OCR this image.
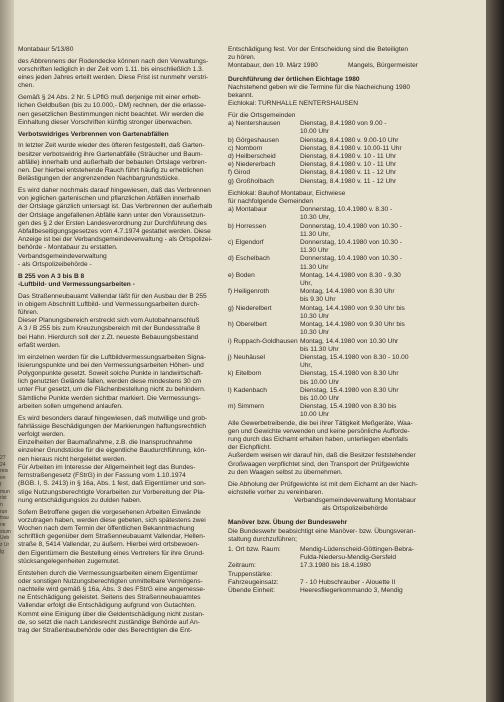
27
24
reis
en
f
mun
rist
n
run
trau
ne
stum
Ueb
z Ur
lg

Montabaur 5/13/80

des Abbrennens der Rodendecke können nach den Verwaltungs-
vorschriften lediglich in der Zeit vom 1.11. bis einschließlich 1.3.
eines jeden Jahres erteilt werden. Diese Frist ist nunmehr verstri-
chen.

Gemäß § 24 Abs. 2 Nr. 5 LPflG muß derjenige mit einer erheb-
lichen Geldbußen (bis zu 10.000,- DM) rechnen, der die erlasse-
nen gesetzlichen Bestimmungen nicht beachtet. Wir werden die
Einhaltung dieser Vorschriften künftig stronger überwachen.

Verbotswidriges Verbrennen von Gartenabfällen

In letzter Zeit wurde wieder des öfteren festgestellt, daß Garten-
besitzer verbotswidrig ihre Gartenabfälle (Sträucher und Baum-
abfälle) innerhalb und außerhalb der bebauten Ortslage verbren-
nen. Der hierbei entstehende Rauch führt häufig zu erheblichen
Belästigungen der angrenzenden Nachbargrundstücke.

Es wird daher nochmals darauf hingewiesen, daß das Verbrennen
von jeglichen gartenischen und pflanzlichen Abfällen innerhalb
der Ortslage gänzlich untersagt ist. Das Verbrennen der außerhalb
der Ortslage angefallenen Abfälle kann unter den Voraussetzun-
gen des § 2 der Ersten Landesverordnung zur Durchführung des
Abfallbeseitigungsgesetzes vom 4.7.1974 gestattet werden. Diese
Anzeige ist bei der Verbandsgemeindeverwaltung - als Ortspolizei-
behörde - Montabaur zu erstatten.
Verbandsgemeindeverwaltung
- als Ortspolizeibehörde -

B 255 von A 3 bis B 8

-Luftbild- und Vermessungsarbeiten -

Das Straßenneubauamt Vallendar läßt für den Ausbau der B 255
in obigem Abschnitt Luftbild- und Vermessungsarbeiten durch-
führen.
Dieser Planungsbereich erstreckt sich vom Autobahnanschluß
A 3 / B 255 bis zum Kreuzungsbereich mit der Bundesstraße 8
bei Hahn. Hierdurch soll der z.Zt. neueste Bebauungsbestand
erfaßt werden.

Im einzelnen werden für die Luftbildvermessungsarbeiten Signa-
lisierungspunkte und bei den Vermessungsarbeiten Höhen- und
Polygonpunkte gesetzt. Soweit solche Punkte in landwirtschaft-
lich genutzten Gelände fallen, werden diese mindestens 30 cm
unter Flur gesetzt, um die Flächenbestellung nicht zu behindern.
Sämtliche Punkte werden sichtbar markiert. Die Vermessungs-
arbeiten sollen umgehend anlaufen.

Es wird besonders darauf hingewiesen, daß mutwillige und grob-
fahrlässige Beschädigungen der Markierungen haftungsrechtlich
verfolgt werden.
Einzelheiten der Baumaßnahme, z.B. die Inanspruchnahme
einzelner Grundstücke für die eigentliche Baudurchführung, kön-
nen hieraus nicht hergeleitet werden.
Für Arbeiten im Interesse der Allgemeinheit legt das Bundes-
fernstraßengesetz (FStrG) in der Fassung vom 1.10.1974
(BGB. I, S. 2413) in § 16a, Abs. 1 fest, daß Eigentümer und son-
stige Nutzungsberechtigte Vorarbeiten zur Vorbereitung der Pla-
nung entschädigungslos zu dulden haben.

Sofern Betroffene gegen die vorgesehenen Arbeiten Einwände
vorzutragen haben, werden diese gebeten, sich spätestens zwei
Wochen nach dem Termin der öffentlichen Bekanntmachung
schriftlich gegenüber dem Straßenneubauamt Vallendar, Hellen-
straße 8, 5414 Vallendar, zu äußern. Hierbei wird ortsbewoen-
den Eigentümern die Bestellung eines Vertreters für ihre Grund-
stücksangelegenheiten zugemutet.

Entstehen durch die Vermessungsarbeiten einem Eigentümer
oder sonstigen Nutzungsberechtigten unmittelbare Vermögens-
nachteile wird gemäß § 16a, Abs. 3 des FStrG eine angemesse-
ne Entschädigung geleistet. Seitens des Straßenneubauamtes
Vallendar erfolgt die Entschädigung aufgrund von Gutachten.
Kommt eine Einigung über die Geldentschädigung nicht zustan-
de, so setzt die nach Landesrecht zuständige Behörde auf An-
trag der Straßenbaubehörde oder des Berechtigten die Ent-

Entschädigung fest. Vor der Entscheidung sind die Beteiligten
zu hören.

Montabaur, den 19. März 1980	Mangels, Bürgermeister

Durchführung der örtlichen Eichtage 1980

Nachstehend geben wir die Termine für die Nacheichung 1980
bekannt.

Eichlokal: TURNHALLE NENTERSHAUSEN

Für die Ortsgemeinden

a) Nentershausen	Dienstag, 8.4.1980 von 9.00 -
10.00 Uhr
b) Görgeshausen	Dienstag, 8.4.1980 v. 9.00-10 Uhr
c) Nomborn	Dienstag, 8.4.1980 v. 10.00-11 Uhr
d) Heilberscheid	Dienstag, 8.4.1980 v. 10 - 11 Uhr
e) Niedererbach	Dienstag, 8.4.1980 v. 10 - 11 Uhr
f) Girod	Dienstag, 8.4.1980 v. 11 - 12 Uhr
g) Großholbach	Dienstag, 8.4.1980 v. 11 - 12 Uhr

Eichlokal: Bauhof Montabaur, Eichwiese

für nachfolgende Gemeinden

a) Montabaur	Donnerstag, 10.4.1980 v. 8.30 -
10.30 Uhr,
b) Horressen	Donnerstag, 10.4.1980 von 10.30 -
11.30 Uhr,
c) Elgendorf	Donnerstag, 10.4.1980 von 10.30 -
11.30 Uhr
d) Eschelbach	Donnerstag, 10.4.1980 von 10.30 -
11.30 Uhr
e) Boden	Montag, 14.4.1980 von 8.30 - 9.30
Uhr,
f) Heiligenroth	Montag, 14.4.1980 von 8.30 Uhr
bis 9.30 Uhr
g) Niederelbert	Montag, 14.4.1980 von 9.30 Uhr bis
10.30 Uhr
h) Oberelbert	Montag, 14.4.1980 von 9.30 Uhr bis
10.30 Uhr
i) Ruppach-Goldhausen Montag, 14.4.1980 von 10.30 Uhr
bis 11.30 Uhr
j) Neuhäusel	Dienstag, 15.4.1980 von 8.30 - 10.00
Uhr,
k) Eitelborn	Dienstag, 15.4.1980 von 8.30 Uhr
bis 10.00 Uhr
l) Kadenbach	Dienstag, 15.4.1980 von 8.30 Uhr
bis 10.00 Uhr
m) Simmern	Dienstag, 15.4.1980 von 8.30 bis
10.00 Uhr

Alle Gewerbetreibende, die bei ihrer Tätigkeit Meßgeräte, Waa-
gen und Gewichte verwenden und keine persönliche Aufforde-
rung durch das Eichamt erhalten haben, unterliegen ebenfalls
der Eichpflicht.
Außerdem weisen wir darauf hin, daß die Besitzer feststehender
Großwaagen verpflichtet sind, den Transport der Prüfgewichte
zu den Waagen selbst zu übernehmen.

Die Abholung der Prüfgewichte ist mit dem Eichamt an der Nach-
eichstelle vorher zu vereinbaren.

Verbandsgemeindeverwaltung Montabaur

als Ortspolizeibehörde

Manöver bzw. Übung der Bundeswehr

Die Bundeswehr beabsichtigt eine Manöver- bzw. Übungsveran-
staltung durchzuführen;

1. Ort bzw. Raum:	Mendig-Lüdenscheid-Göttingen-Bebra-
Fulda-Niedersu-Mendig-Gersfeld
Zeitraum:	17.3.1980 bis 18.4.1980
Truppenstärke:
Fahrzeugeinsatz:	7 - 10 Hubschrauber - Alouette II
Übende Einheit:	Heeresfliegerkommando 3, Mendig
